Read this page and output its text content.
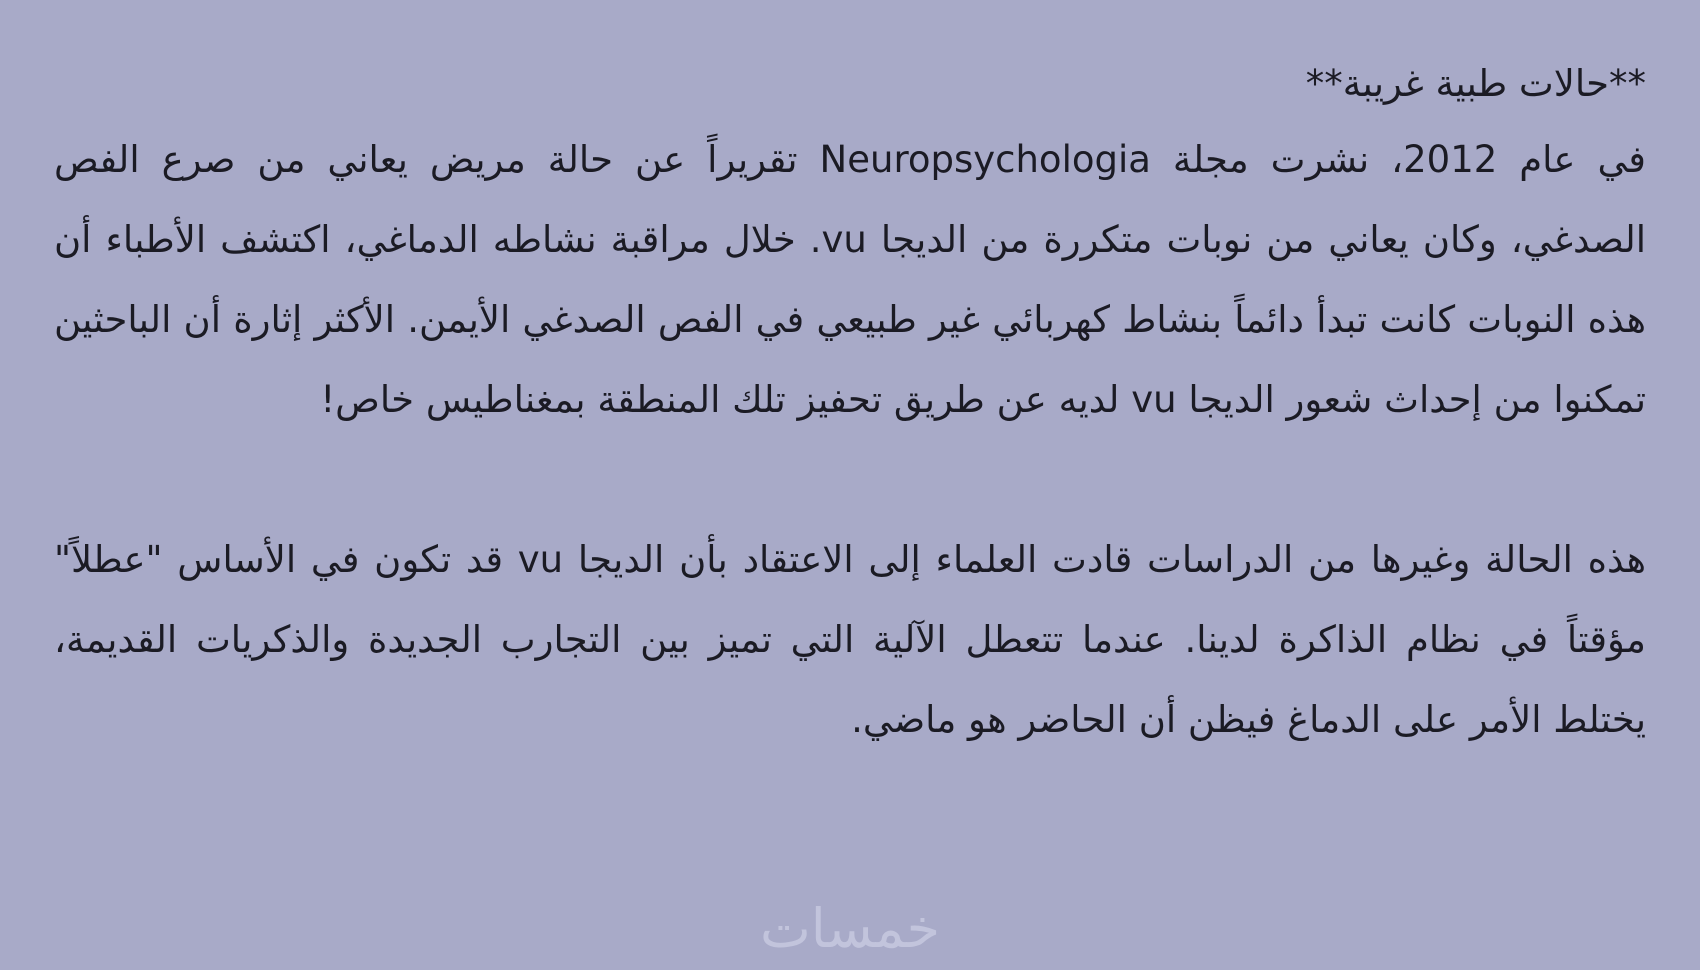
**حالات طبية غريبة**

في عام 2012، نشرت مجلة Neuropsychologia تقريراً عن حالة مريض يعاني من صرع الفص الصدغي، وكان يعاني من نوبات متكررة من الديجا vu. خلال مراقبة نشاطه الدماغي، اكتشف الأطباء أن هذه النوبات كانت تبدأ دائماً بنشاط كهربائي غير طبيعي في الفص الصدغي الأيمن. الأكثر إثارة أن الباحثين تمكنوا من إحداث شعور الديجا vu لديه عن طريق تحفيز تلك المنطقة بمغناطيس خاص!

هذه الحالة وغيرها من الدراسات قادت العلماء إلى الاعتقاد بأن الديجا vu قد تكون في الأساس "عطلاً" مؤقتاً في نظام الذاكرة لدينا. عندما تتعطل الآلية التي تميز بين التجارب الجديدة والذكريات القديمة، يختلط الأمر على الدماغ فيظن أن الحاضر هو ماضي.

خمسات
